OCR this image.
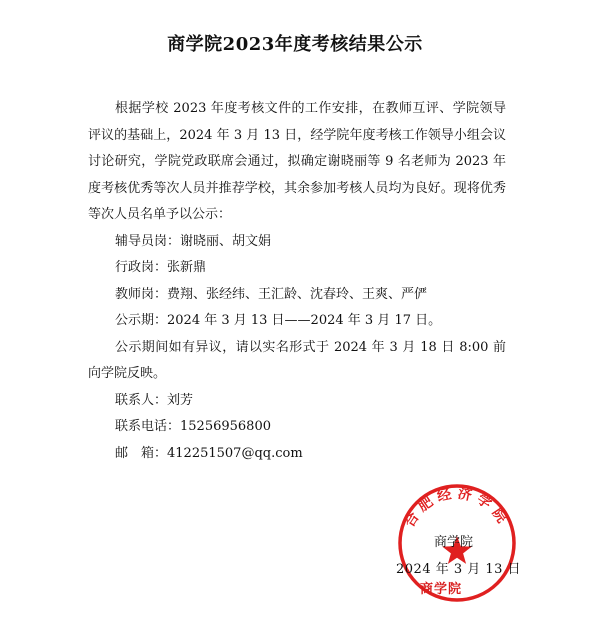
商学院2023年度考核结果公示

根据学校 2023 年度考核文件的工作安排，在教师互评、学院领导评议的基础上，2024 年 3 月 13 日，经学院年度考核工作领导小组会议讨论研究，学院党政联席会通过，拟确定谢晓丽等 9 名老师为 2023 年度考核优秀等次人员并推荐学校，其余参加考核人员均为良好。现将优秀等次人员名单予以公示：

辅导员岗：谢晓丽、胡文娟

行政岗：张新鼎

教师岗：费翔、张经纬、王汇龄、沈春玲、王爽、严俨

公示期：2024 年 3 月 13 日——2024 年 3 月 17 日。

公示期间如有异议，请以实名形式于 2024 年 3 月 18 日 8:00 前向学院反映。

联系人：刘芳

联系电话：15256956800

邮　箱：412251507@qq.com

合肥经济学院
商学院
2024 年 3 月 13 日
商学院
